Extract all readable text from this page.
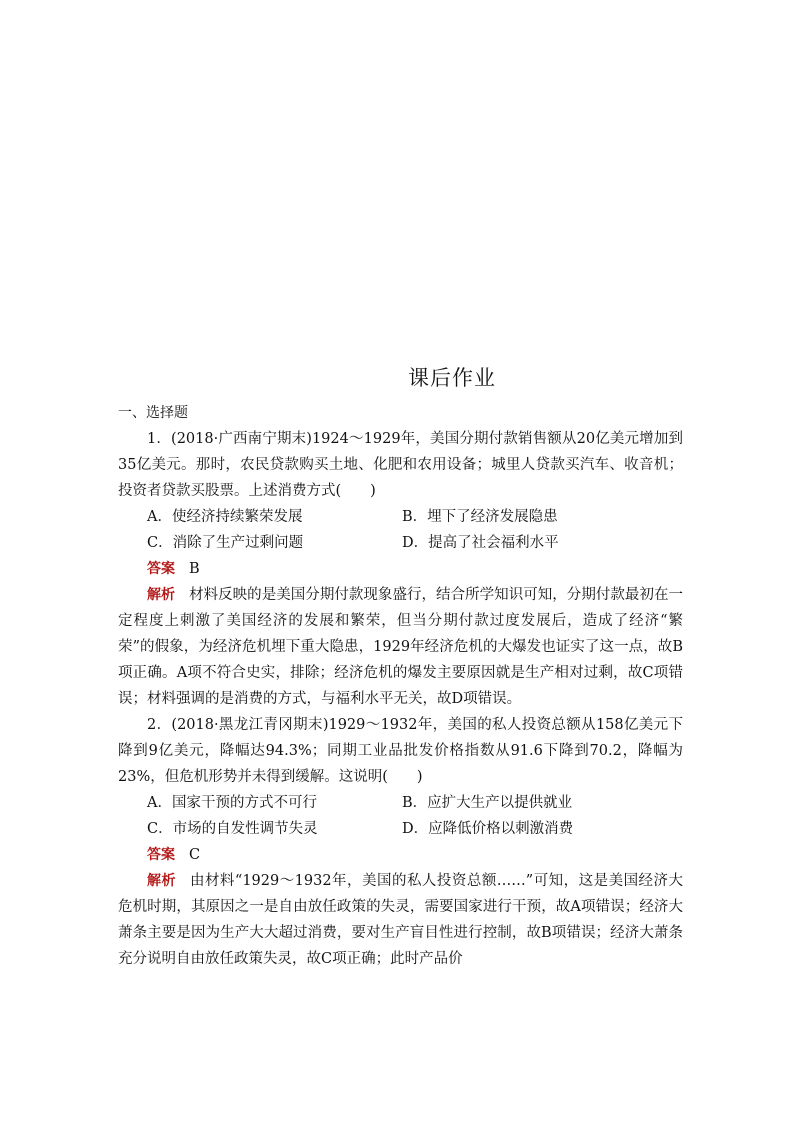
课后作业
一、选择题
1．(2018·广西南宁期末)1924～1929年，美国分期付款销售额从20亿美元增加到35亿美元。那时，农民贷款购买土地、化肥和农用设备；城里人贷款买汽车、收音机；投资者贷款买股票。上述消费方式(　　)
A．使经济持续繁荣发展	B．埋下了经济发展隐患
C．消除了生产过剩问题	D．提高了社会福利水平
答案 B
解析 材料反映的是美国分期付款现象盛行，结合所学知识可知，分期付款最初在一定程度上刺激了美国经济的发展和繁荣，但当分期付款过度发展后，造成了经济“繁荣”的假象，为经济危机埋下重大隐患，1929年经济危机的大爆发也证实了这一点，故B项正确。A项不符合史实，排除；经济危机的爆发主要原因就是生产相对过剩，故C项错误；材料强调的是消费的方式，与福利水平无关，故D项错误。
2．(2018·黑龙江青冈期末)1929～1932年，美国的私人投资总额从158亿美元下降到9亿美元，降幅达94.3%；同期工业品批发价格指数从91.6下降到70.2，降幅为23%，但危机形势并未得到缓解。这说明(　　)
A．国家干预的方式不可行	B．应扩大生产以提供就业
C．市场的自发性调节失灵	D．应降低价格以刺激消费
答案 C
解析 由材料“1929～1932年，美国的私人投资总额……”可知，这是美国经济大危机时期，其原因之一是自由放任政策的失灵，需要国家进行干预，故A项错误；经济大萧条主要是因为生产大大超过消费，要对生产盲目性进行控制，故B项错误；经济大萧条充分说明自由放任政策失灵，故C项正确；此时产品价
